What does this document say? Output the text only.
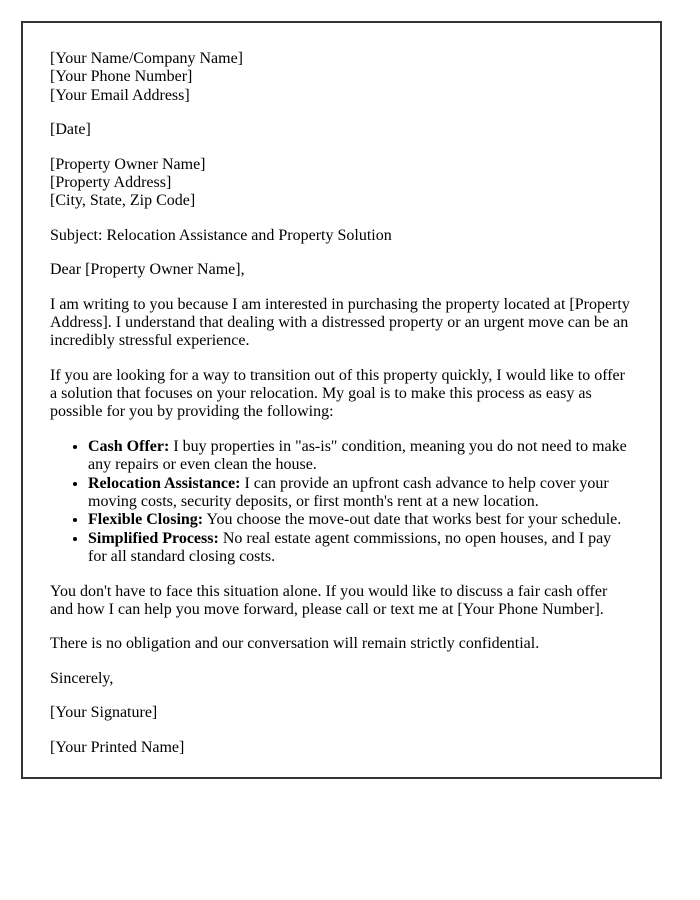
[Your Name/Company Name]
[Your Phone Number]
[Your Email Address]

[Date]

[Property Owner Name]
[Property Address]
[City, State, Zip Code]

Subject: Relocation Assistance and Property Solution

Dear [Property Owner Name],

I am writing to you because I am interested in purchasing the property located at [Property Address]. I understand that dealing with a distressed property or an urgent move can be an incredibly stressful experience.

If you are looking for a way to transition out of this property quickly, I would like to offer a solution that focuses on your relocation. My goal is to make this process as easy as possible for you by providing the following:

• Cash Offer: I buy properties in "as-is" condition, meaning you do not need to make any repairs or even clean the house.
• Relocation Assistance: I can provide an upfront cash advance to help cover your moving costs, security deposits, or first month's rent at a new location.
• Flexible Closing: You choose the move-out date that works best for your schedule.
• Simplified Process: No real estate agent commissions, no open houses, and I pay for all standard closing costs.

You don't have to face this situation alone. If you would like to discuss a fair cash offer and how I can help you move forward, please call or text me at [Your Phone Number].

There is no obligation and our conversation will remain strictly confidential.

Sincerely,

[Your Signature]

[Your Printed Name]
